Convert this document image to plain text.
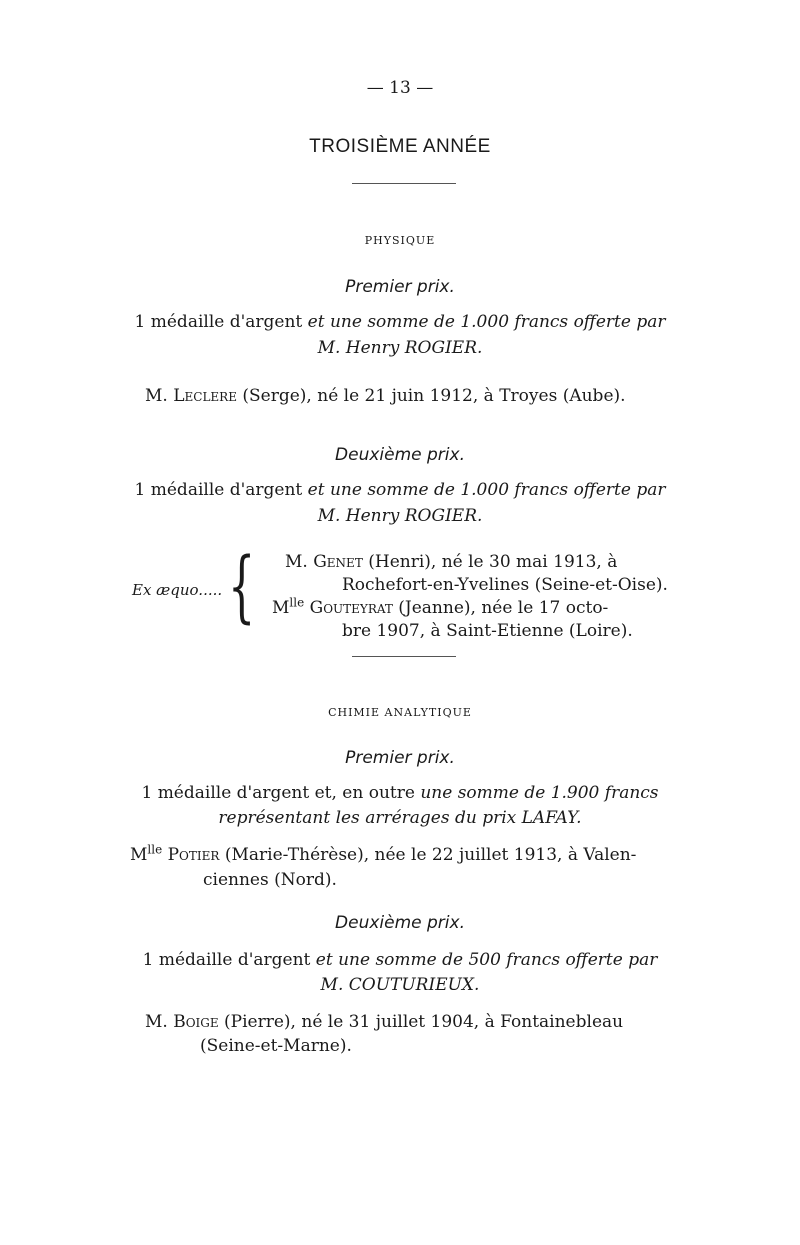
— 13 —
TROISIÈME ANNÉE
PHYSIQUE
Premier prix.
1 médaille d'argent et une somme de 1.000 francs offerte par
M. Henry ROGIER.
M. Leclere (Serge), né le 21 juin 1912, à Troyes (Aube).
Deuxième prix.
1 médaille d'argent et une somme de 1.000 francs offerte par
M. Henry ROGIER.
Ex æquo..... { M. Genet (Henri), né le 30 mai 1913, à
Rochefort-en-Yvelines (Seine-et-Oise).
$M^{lle}$ Gouteyrat (Jeanne), née le 17 octo-
bre 1907, à Saint-Etienne (Loire).
CHIMIE ANALYTIQUE
Premier prix.
1 médaille d'argent et, en outre une somme de 1.900 francs
représentant les arrérages du prix LAFAY.
$M^{lle}$ Potier (Marie-Thérèse), née le 22 juillet 1913, à Valen-
ciennes (Nord).
Deuxième prix.
1 médaille d'argent et une somme de 500 francs offerte par
M. COUTURIEUX.
M. Boige (Pierre), né le 31 juillet 1904, à Fontainebleau
(Seine-et-Marne).
